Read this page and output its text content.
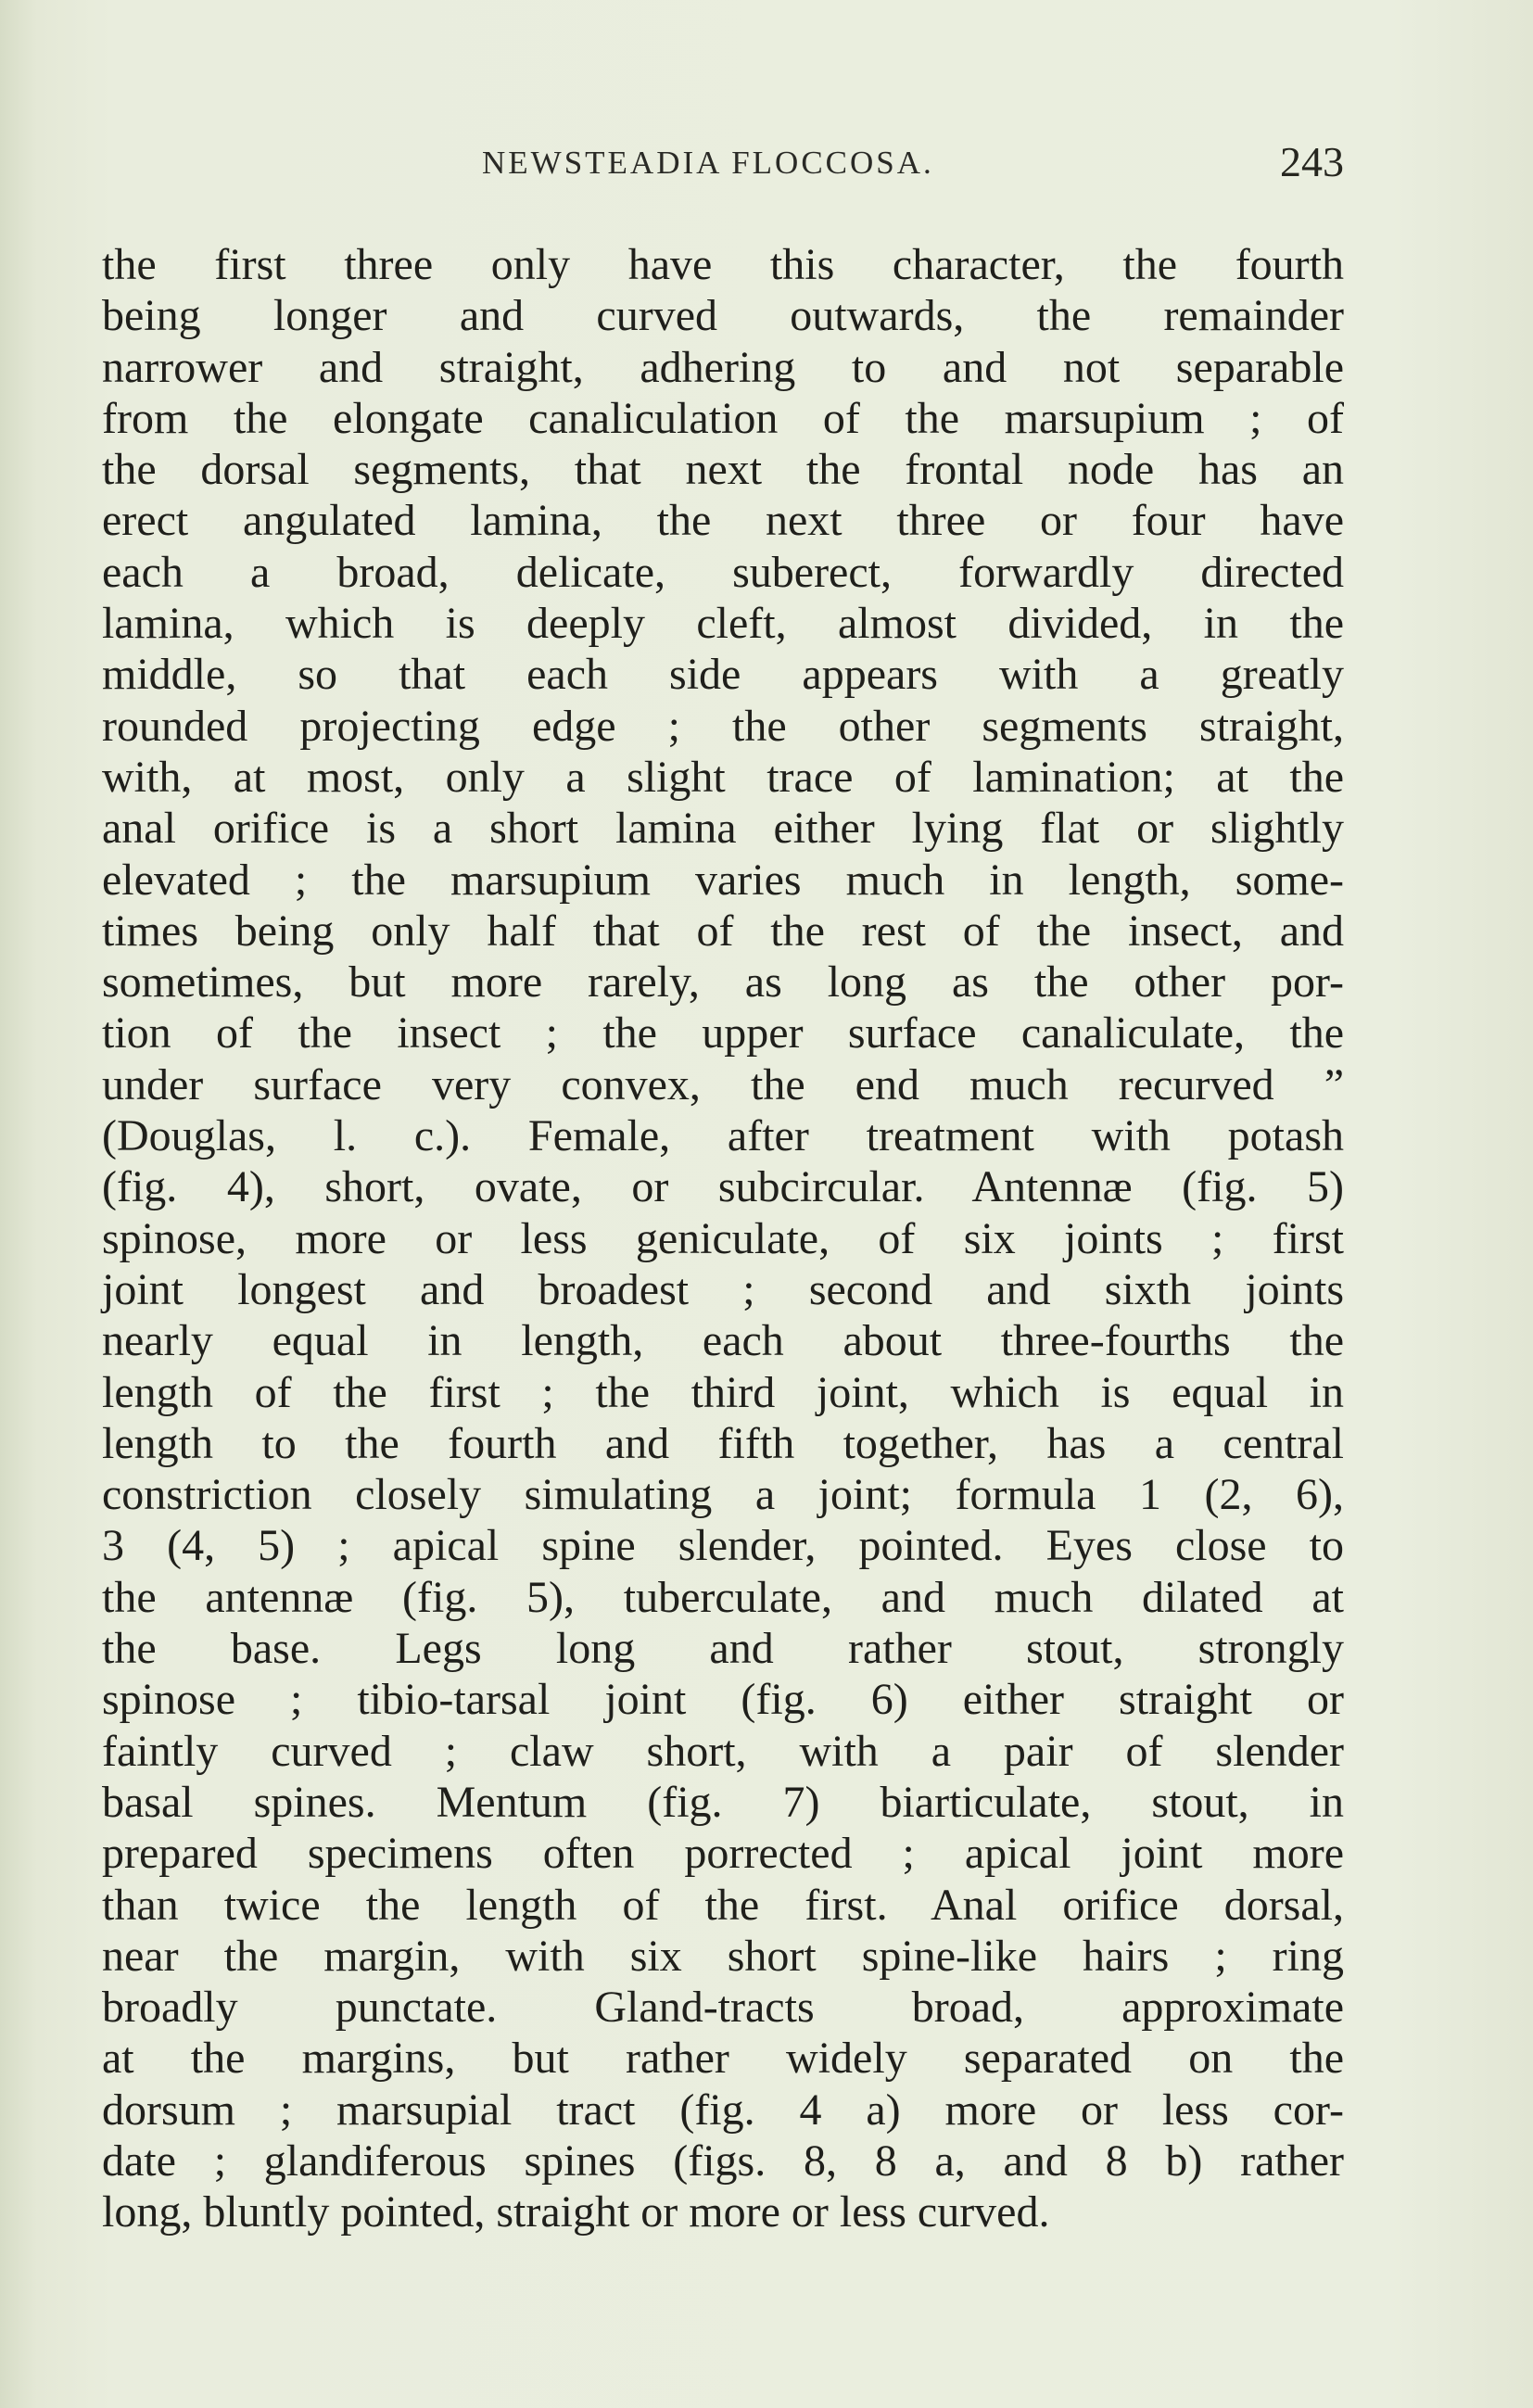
NEWSTEADIA FLOCCOSA.	243
the first three only have this character, the fourth
being longer and curved outwards, the remainder
narrower and straight, adhering to and not separable
from the elongate canaliculation of the marsupium ; of
the dorsal segments, that next the frontal node has an
erect angulated lamina, the next three or four have
each a broad, delicate, suberect, forwardly directed
lamina, which is deeply cleft, almost divided, in the
middle, so that each side appears with a greatly
rounded projecting edge ; the other segments straight,
with, at most, only a slight trace of lamination; at the
anal orifice is a short lamina either lying flat or slightly
elevated ; the marsupium varies much in length, some-
times being only half that of the rest of the insect, and
sometimes, but more rarely, as long as the other por-
tion of the insect ; the upper surface canaliculate, the
under surface very convex, the end much recurved ”
(Douglas, l. c.). Female, after treatment with potash
(fig. 4), short, ovate, or subcircular. Antennæ (fig. 5)
spinose, more or less geniculate, of six joints ; first
joint longest and broadest ; second and sixth joints
nearly equal in length, each about three-fourths the
length of the first ; the third joint, which is equal in
length to the fourth and fifth together, has a central
constriction closely simulating a joint; formula 1 (2, 6),
3 (4, 5) ; apical spine slender, pointed. Eyes close to
the antennæ (fig. 5), tuberculate, and much dilated at
the base. Legs long and rather stout, strongly
spinose ; tibio-tarsal joint (fig. 6) either straight or
faintly curved ; claw short, with a pair of slender
basal spines. Mentum (fig. 7) biarticulate, stout, in
prepared specimens often porrected ; apical joint more
than twice the length of the first. Anal orifice dorsal,
near the margin, with six short spine-like hairs ; ring
broadly punctate. Gland-tracts broad, approximate
at the margins, but rather widely separated on the
dorsum ; marsupial tract (fig. 4 a) more or less cor-
date ; glandiferous spines (figs. 8, 8 a, and 8 b) rather
long, bluntly pointed, straight or more or less curved.
